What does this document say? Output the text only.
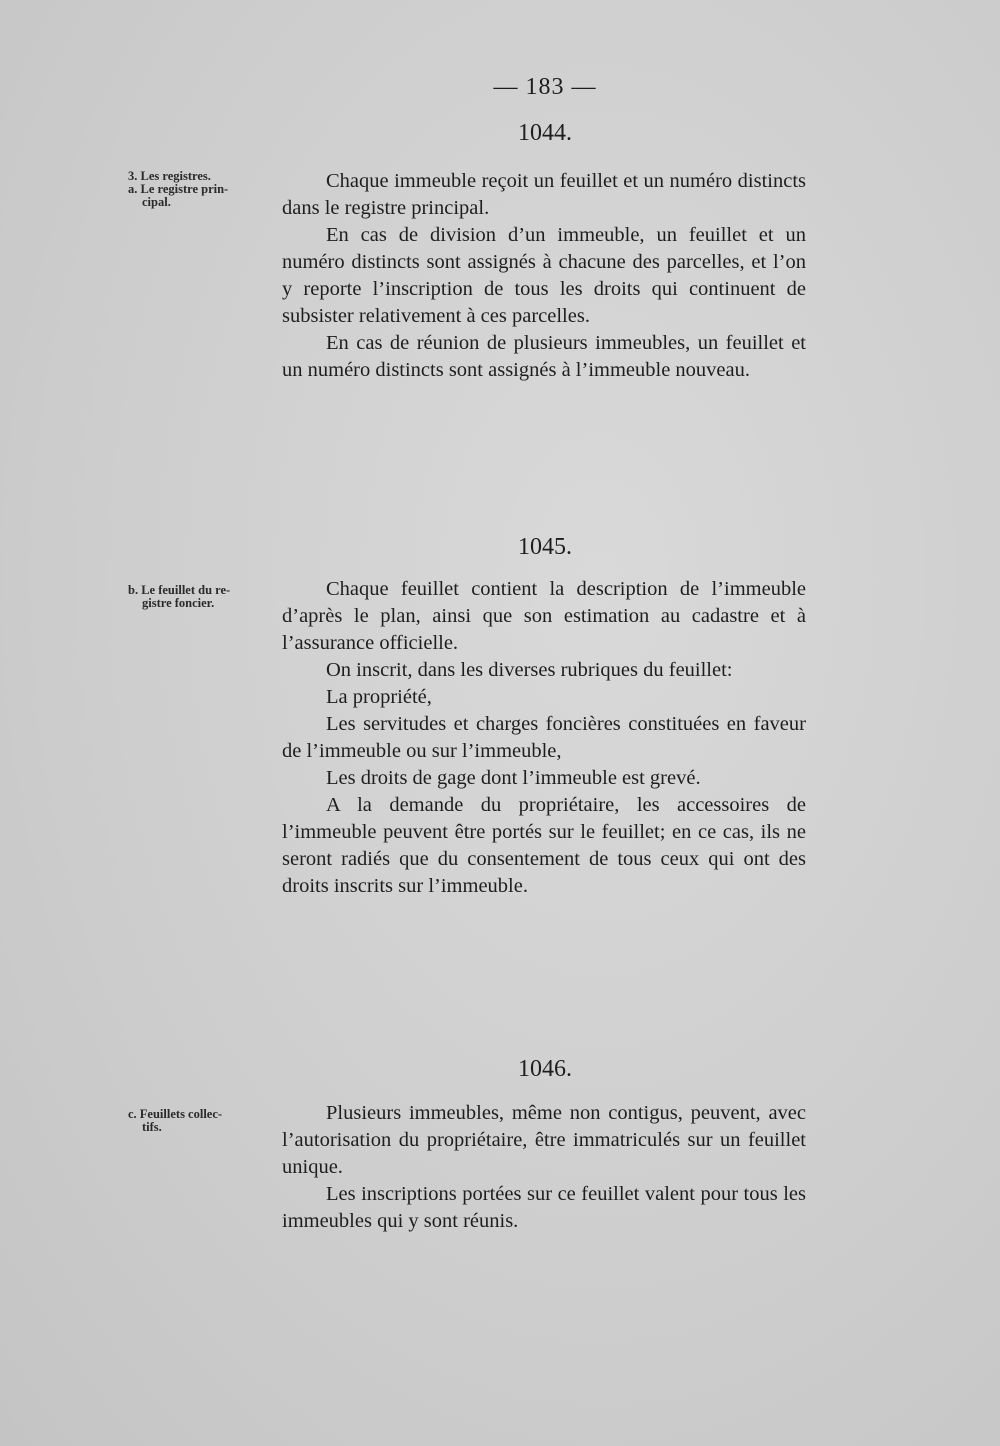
— 183 —
1044.
3. Les registres.
a. Le registre prin-
cipal.

Chaque immeuble reçoit un feuillet et un numéro distincts dans le registre principal.

En cas de division d’un immeuble, un feuillet et un numéro distincts sont assignés à chacune des parcelles, et l’on y reporte l’inscription de tous les droits qui continuent de subsister relativement à ces parcelles.

En cas de réunion de plusieurs immeubles, un feuillet et un numéro distincts sont assignés à l’immeuble nouveau.

1045.
b. Le feuillet du re-
gistre foncier.

Chaque feuillet contient la description de l’immeuble d’après le plan, ainsi que son estimation au cadastre et à l’assurance officielle.

On inscrit, dans les diverses rubriques du feuillet:

La propriété,

Les servitudes et charges foncières constituées en faveur de l’immeuble ou sur l’immeuble,

Les droits de gage dont l’immeuble est grevé.

A la demande du propriétaire, les accessoires de l’immeuble peuvent être portés sur le feuillet; en ce cas, ils ne seront radiés que du consentement de tous ceux qui ont des droits inscrits sur l’immeuble.

1046.
c. Feuillets collec-
tifs.

Plusieurs immeubles, même non contigus, peuvent, avec l’autorisation du propriétaire, être immatriculés sur un feuillet unique.

Les inscriptions portées sur ce feuillet valent pour tous les immeubles qui y sont réunis.
